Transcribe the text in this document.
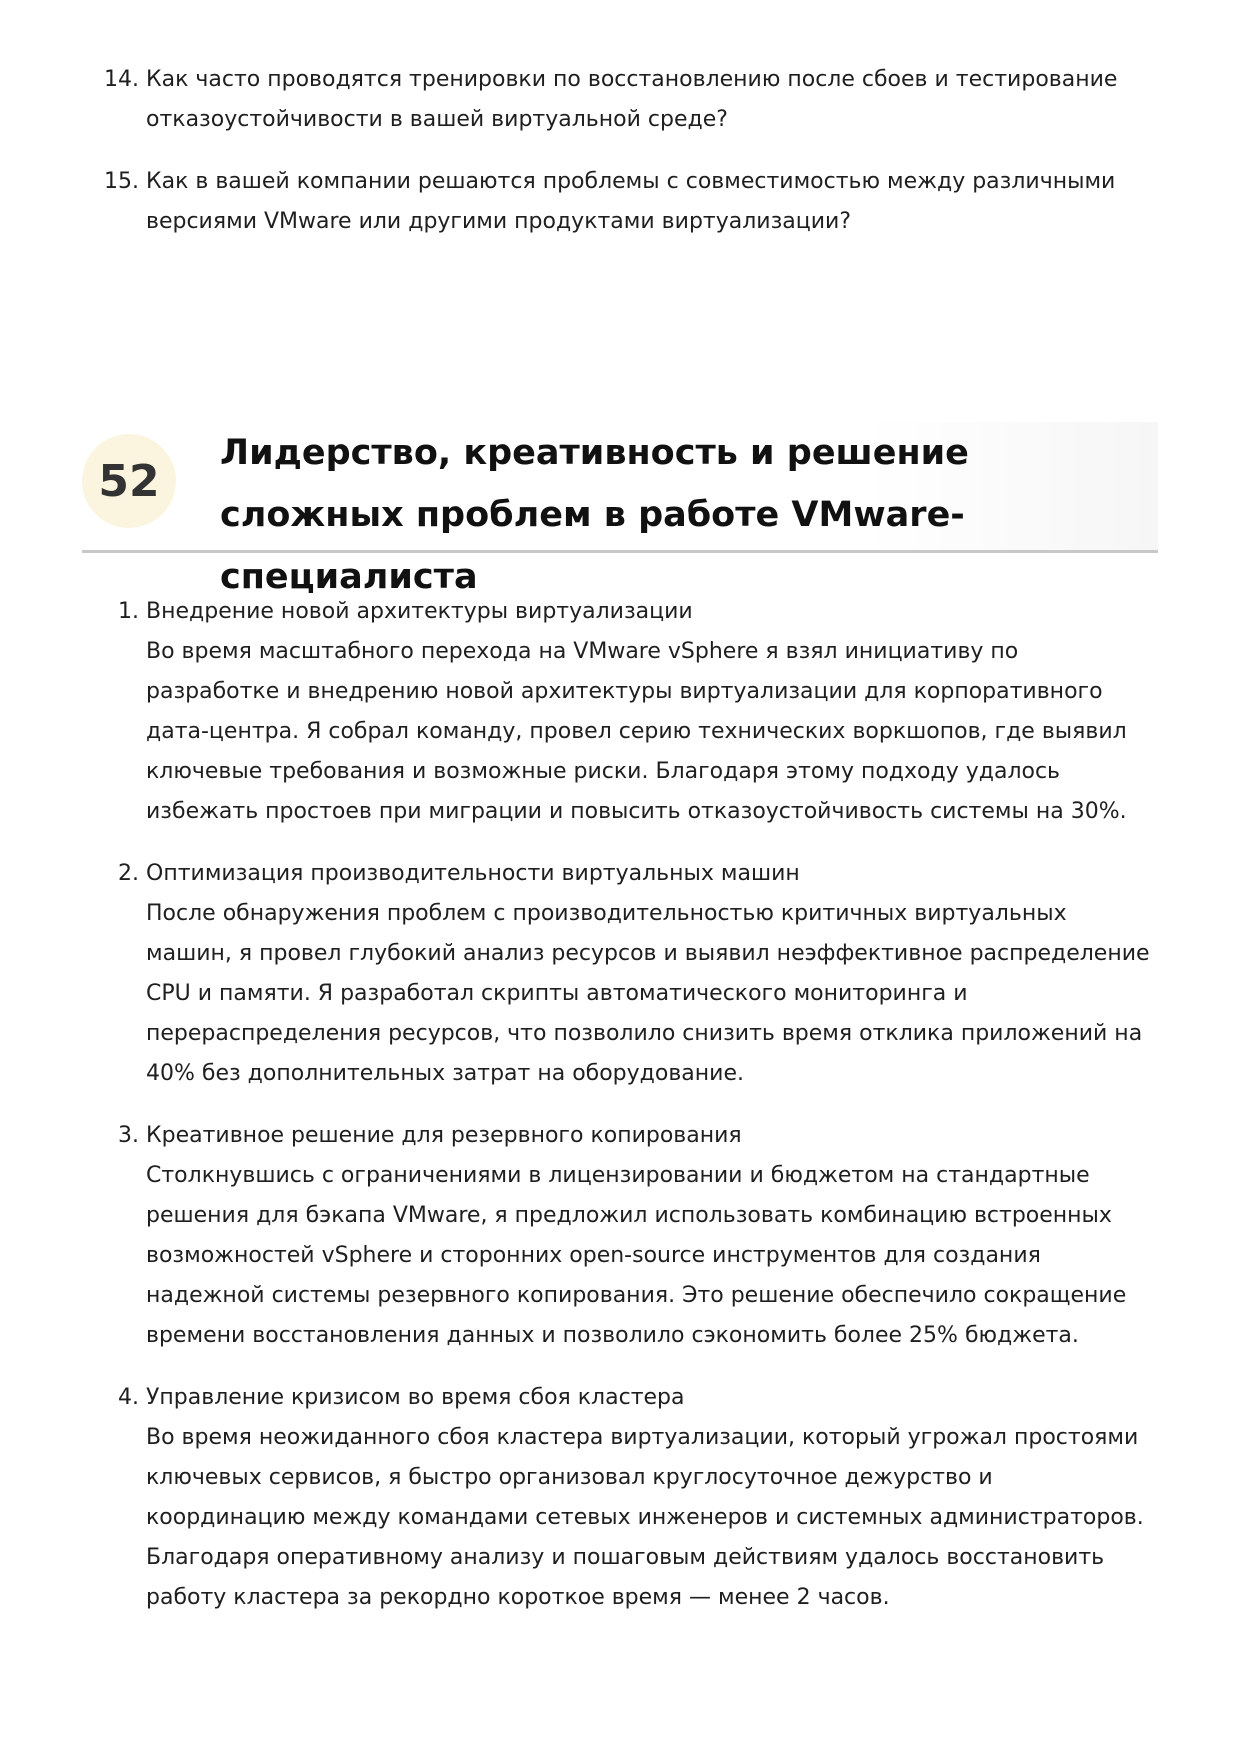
14. Как часто проводятся тренировки по восстановлению после сбоев и тестирование отказоустойчивости в вашей виртуальной среде?
15. Как в вашей компании решаются проблемы с совместимостью между различными версиями VMware или другими продуктами виртуализации?
52
Лидерство, креативность и решение сложных проблем в работе VMware-специалиста
1. Внедрение новой архитектуры виртуализации
Во время масштабного перехода на VMware vSphere я взял инициативу по разработке и внедрению новой архитектуры виртуализации для корпоративного дата-центра. Я собрал команду, провел серию технических воркшопов, где выявил ключевые требования и возможные риски. Благодаря этому подходу удалось избежать простоев при миграции и повысить отказоустойчивость системы на 30%.
2. Оптимизация производительности виртуальных машин
После обнаружения проблем с производительностью критичных виртуальных машин, я провел глубокий анализ ресурсов и выявил неэффективное распределение CPU и памяти. Я разработал скрипты автоматического мониторинга и перераспределения ресурсов, что позволило снизить время отклика приложений на 40% без дополнительных затрат на оборудование.
3. Креативное решение для резервного копирования
Столкнувшись с ограничениями в лицензировании и бюджетом на стандартные решения для бэкапа VMware, я предложил использовать комбинацию встроенных возможностей vSphere и сторонних open-source инструментов для создания надежной системы резервного копирования. Это решение обеспечило сокращение времени восстановления данных и позволило сэкономить более 25% бюджета.
4. Управление кризисом во время сбоя кластера
Во время неожиданного сбоя кластера виртуализации, который угрожал простоями ключевых сервисов, я быстро организовал круглосуточное дежурство и координацию между командами сетевых инженеров и системных администраторов. Благодаря оперативному анализу и пошаговым действиям удалось восстановить работу кластера за рекордно короткое время — менее 2 часов.
